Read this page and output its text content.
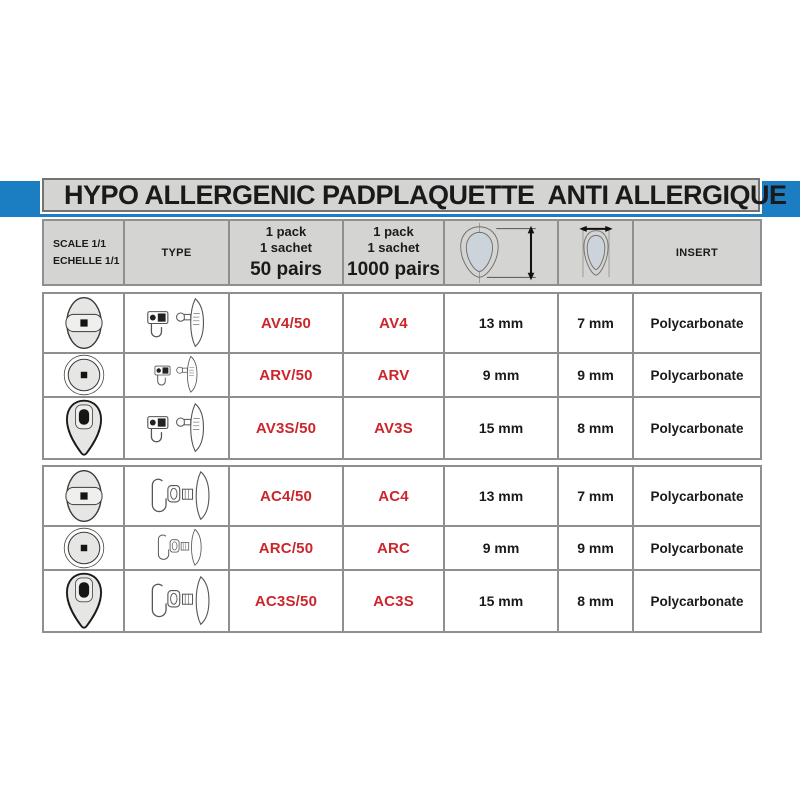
HYPO ALLERGENIC PAD PLAQUETTE  ANTI ALLERGIQUE
SCALE 1/1
ECHELLE 1/1
	TYPE	
1 pack
1 sachet
50 pairs

1 pack
1 sachet
1000 pairs

	INSERT

	AV4/50	AV4	13 mm	7 mm	Polycarbonate

	ARV/50	ARV	9 mm	9 mm	Polycarbonate

	AV3S/50	AV3S	15 mm	8 mm	Polycarbonate

	AC4/50	AC4	13 mm	7 mm	Polycarbonate

	ARC/50	ARC	9 mm	9 mm	Polycarbonate

	AC3S/50	AC3S	15 mm	8 mm	Polycarbonate
